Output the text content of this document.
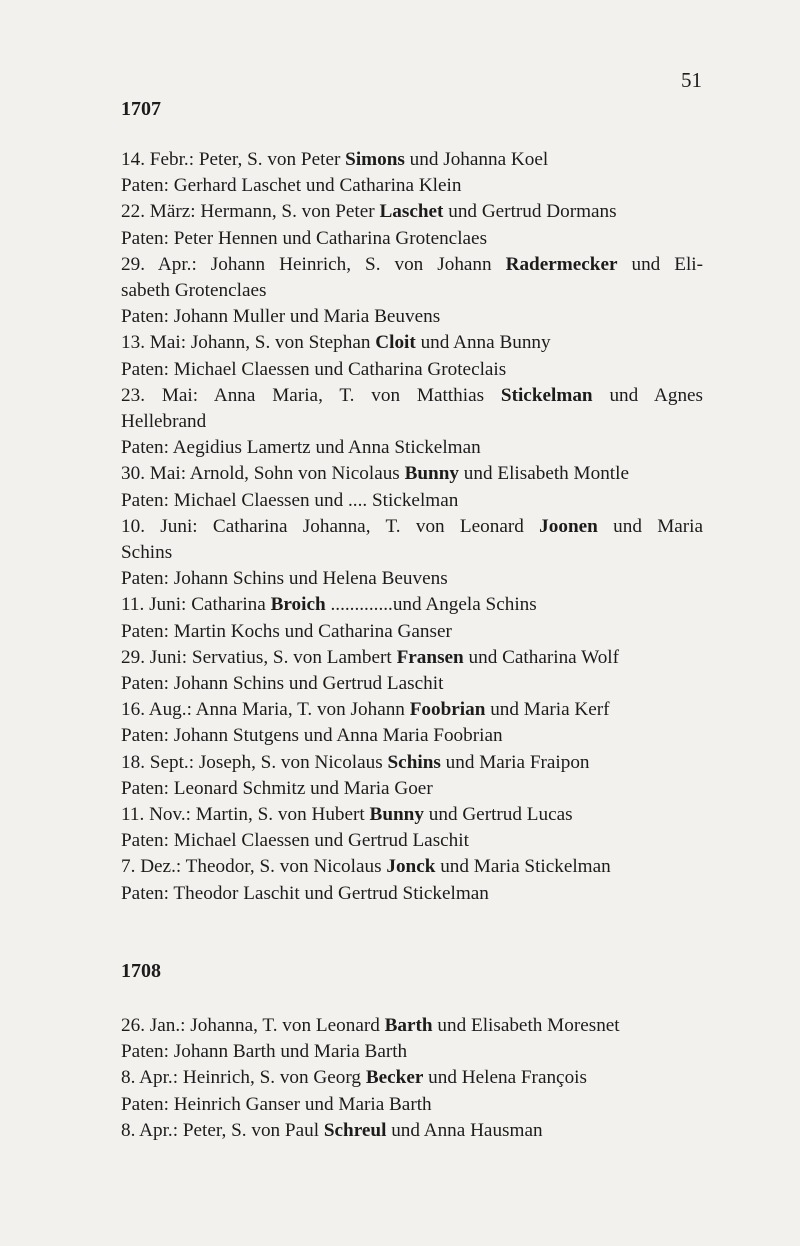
51
1707
14. Febr.: Peter, S. von Peter Simons und Johanna Koel
Paten: Gerhard Laschet und Catharina Klein
22. März: Hermann, S. von Peter Laschet und Gertrud Dormans
Paten: Peter Hennen und Catharina Grotenclaes
29. Apr.: Johann Heinrich, S. von Johann Radermecker und Eli-
sabeth Grotenclaes
Paten: Johann Muller und Maria Beuvens
13. Mai: Johann, S. von Stephan Cloit und Anna Bunny
Paten: Michael Claessen und Catharina Groteclais
23. Mai: Anna Maria, T. von Matthias Stickelman und Agnes
Hellebrand
Paten: Aegidius Lamertz und Anna Stickelman
30. Mai: Arnold, Sohn von Nicolaus Bunny und Elisabeth Montle
Paten: Michael Claessen und .... Stickelman
10. Juni: Catharina Johanna, T. von Leonard Joonen und Maria
Schins
Paten: Johann Schins und Helena Beuvens
11. Juni: Catharina Broich .............und Angela Schins
Paten: Martin Kochs und Catharina Ganser
29. Juni: Servatius, S. von Lambert Fransen und Catharina Wolf
Paten: Johann Schins und Gertrud Laschit
16. Aug.: Anna Maria, T. von Johann Foobrian und Maria Kerf
Paten: Johann Stutgens und Anna Maria Foobrian
18. Sept.: Joseph, S. von Nicolaus Schins und Maria Fraipon
Paten: Leonard Schmitz und Maria Goer
11. Nov.: Martin, S. von Hubert Bunny und Gertrud Lucas
Paten: Michael Claessen und Gertrud Laschit
7. Dez.: Theodor, S. von Nicolaus Jonck und Maria Stickelman
Paten: Theodor Laschit und Gertrud Stickelman
1708
26. Jan.: Johanna, T. von Leonard Barth und Elisabeth Moresnet
Paten: Johann Barth und Maria Barth
8. Apr.: Heinrich, S. von Georg Becker und Helena François
Paten: Heinrich Ganser und Maria Barth
8. Apr.: Peter, S. von Paul Schreul und Anna Hausman
